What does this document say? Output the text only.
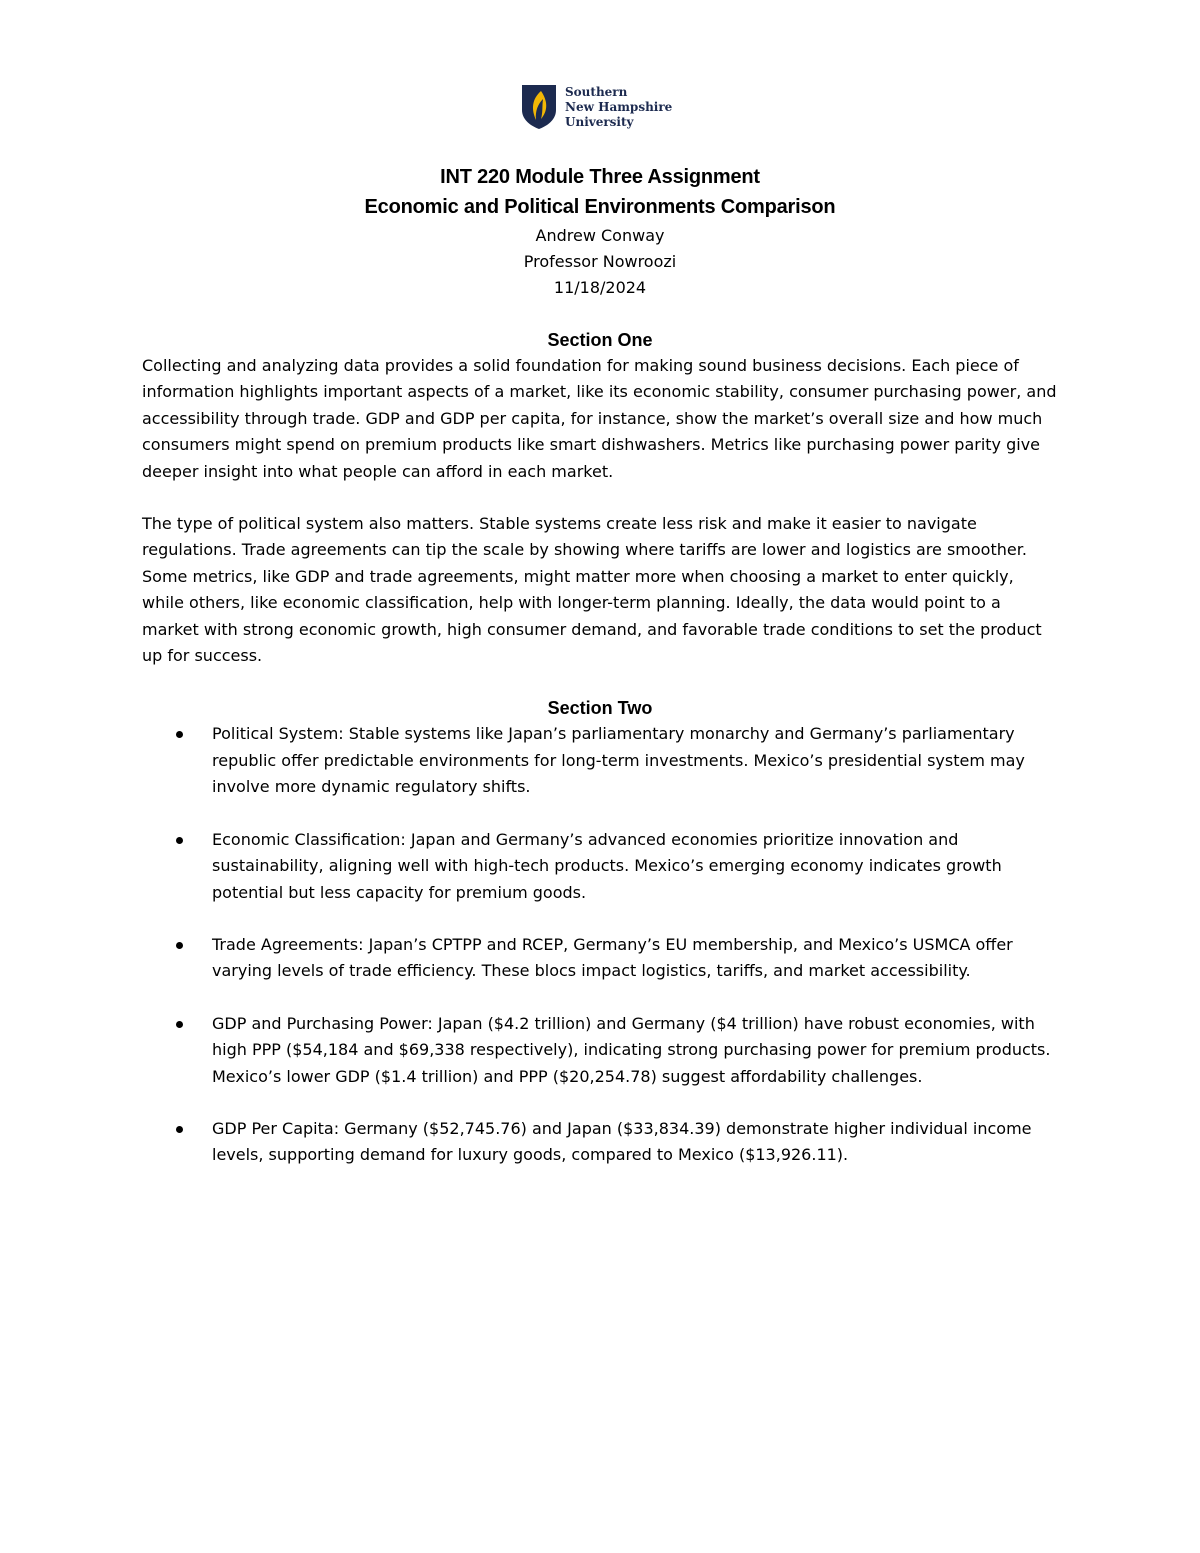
Southern
New Hampshire
University
INT 220 Module Three Assignment
Economic and Political Environments Comparison
Andrew Conway
Professor Nowroozi
11/18/2024
Section One

Collecting and analyzing data provides a solid foundation for making sound business decisions. Each piece of information highlights important aspects of a market, like its economic stability, consumer purchasing power, and accessibility through trade. GDP and GDP per capita, for instance, show the market’s overall size and how much consumers might spend on premium products like smart dishwashers. Metrics like purchasing power parity give deeper insight into what people can afford in each market.

The type of political system also matters. Stable systems create less risk and make it easier to navigate regulations. Trade agreements can tip the scale by showing where tariffs are lower and logistics are smoother. Some metrics, like GDP and trade agreements, might matter more when choosing a market to enter quickly, while others, like economic classification, help with longer-term planning. Ideally, the data would point to a market with strong economic growth, high consumer demand, and favorable trade conditions to set the product up for success.

Section Two
Political System: Stable systems like Japan’s parliamentary monarchy and Germany’s parliamentary republic offer predictable environments for long-term investments. Mexico’s presidential system may involve more dynamic regulatory shifts.
Economic Classification: Japan and Germany’s advanced economies prioritize innovation and sustainability, aligning well with high-tech products. Mexico’s emerging economy indicates growth potential but less capacity for premium goods.
Trade Agreements: Japan’s CPTPP and RCEP, Germany’s EU membership, and Mexico’s USMCA offer varying levels of trade efficiency. These blocs impact logistics, tariffs, and market accessibility.
GDP and Purchasing Power: Japan ($4.2 trillion) and Germany ($4 trillion) have robust economies, with high PPP ($54,184 and $69,338 respectively), indicating strong purchasing power for premium products. Mexico’s lower GDP ($1.4 trillion) and PPP ($20,254.78) suggest affordability challenges.
GDP Per Capita: Germany ($52,745.76) and Japan ($33,834.39) demonstrate higher individual income levels, supporting demand for luxury goods, compared to Mexico ($13,926.11).
